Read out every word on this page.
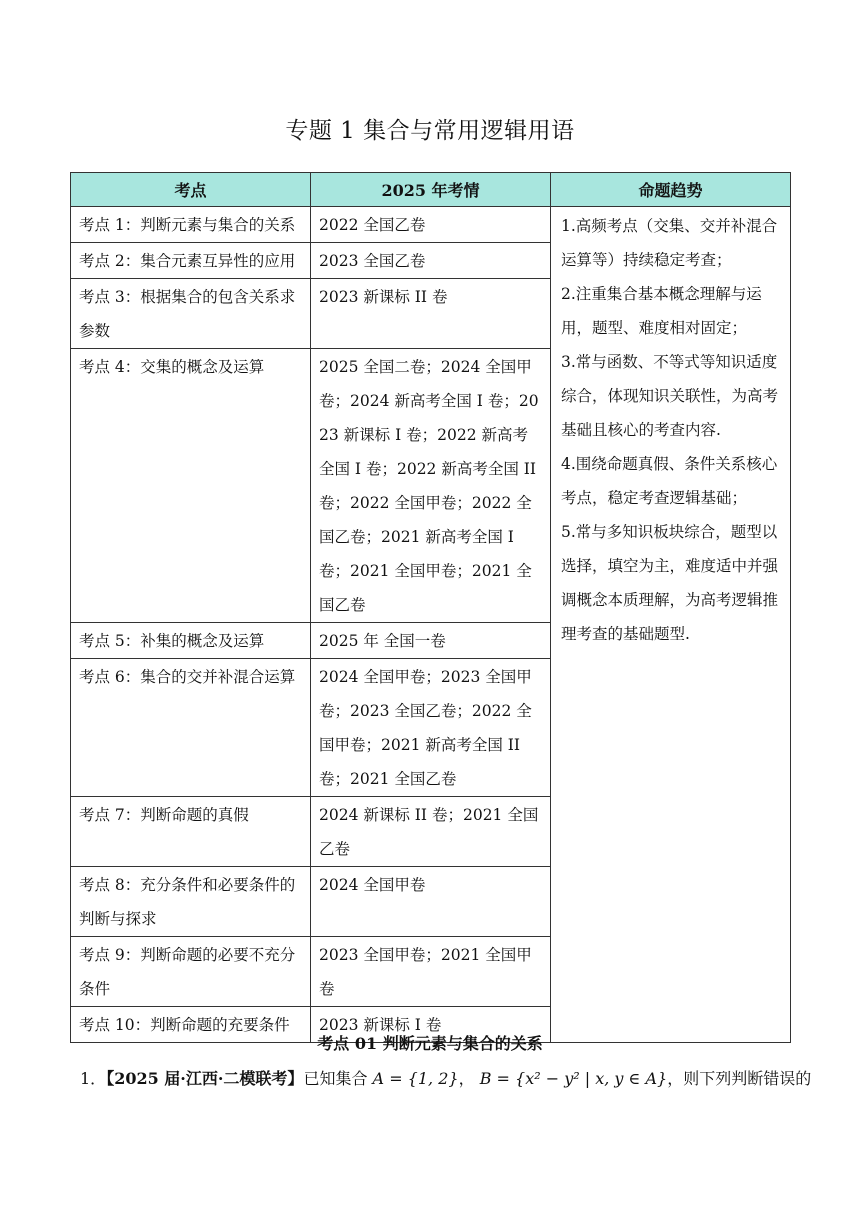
专题 1 集合与常用逻辑用语
考点	2025 年考情	命题趋势
考点 1：判断元素与集合的关系	2022 全国乙卷	1.高频考点（交集、交并补混合运算等）持续稳定考查；
2.注重集合基本概念理解与运用，题型、难度相对固定；
3.常与函数、不等式等知识适度综合，体现知识关联性，为高考基础且核心的考查内容.
4.围绕命题真假、条件关系核心考点，稳定考查逻辑基础；
5.常与多知识板块综合，题型以选择，填空为主，难度适中并强调概念本质理解，为高考逻辑推理考查的基础题型.

考点 2：集合元素互异性的应用	2023 全国乙卷	
考点 3：根据集合的包含关系求参数	2023 新课标 II 卷	
考点 4：交集的概念及运算	2025 全国二卷；2024 全国甲卷；2024 新高考全国 I 卷；2023 新课标 I 卷；2022 新高考全国 I 卷；2022 新高考全国 II 卷；2022 全国甲卷；2022 全国乙卷；2021 新高考全国 I 卷；2021 全国甲卷；2021 全国乙卷	
考点 5：补集的概念及运算	2025 年 全国一卷	
考点 6：集合的交并补混合运算	2024 全国甲卷；2023 全国甲卷；2023 全国乙卷；2022 全国甲卷；2021 新高考全国 II 卷；2021 全国乙卷	
考点 7：判断命题的真假	2024 新课标 II 卷；2021 全国乙卷	
考点 8：充分条件和必要条件的判断与探求	2024 全国甲卷	
考点 9：判断命题的必要不充分条件	2023 全国甲卷；2021 全国甲卷	
考点 10：判断命题的充要条件	2023 新课标 I 卷	
考点 01 判断元素与集合的关系
1．【2025 届·江西·二模联考】已知集合 A = {1, 2}， B = {x² − y² | x, y ∈ A}，则下列判断错误的
